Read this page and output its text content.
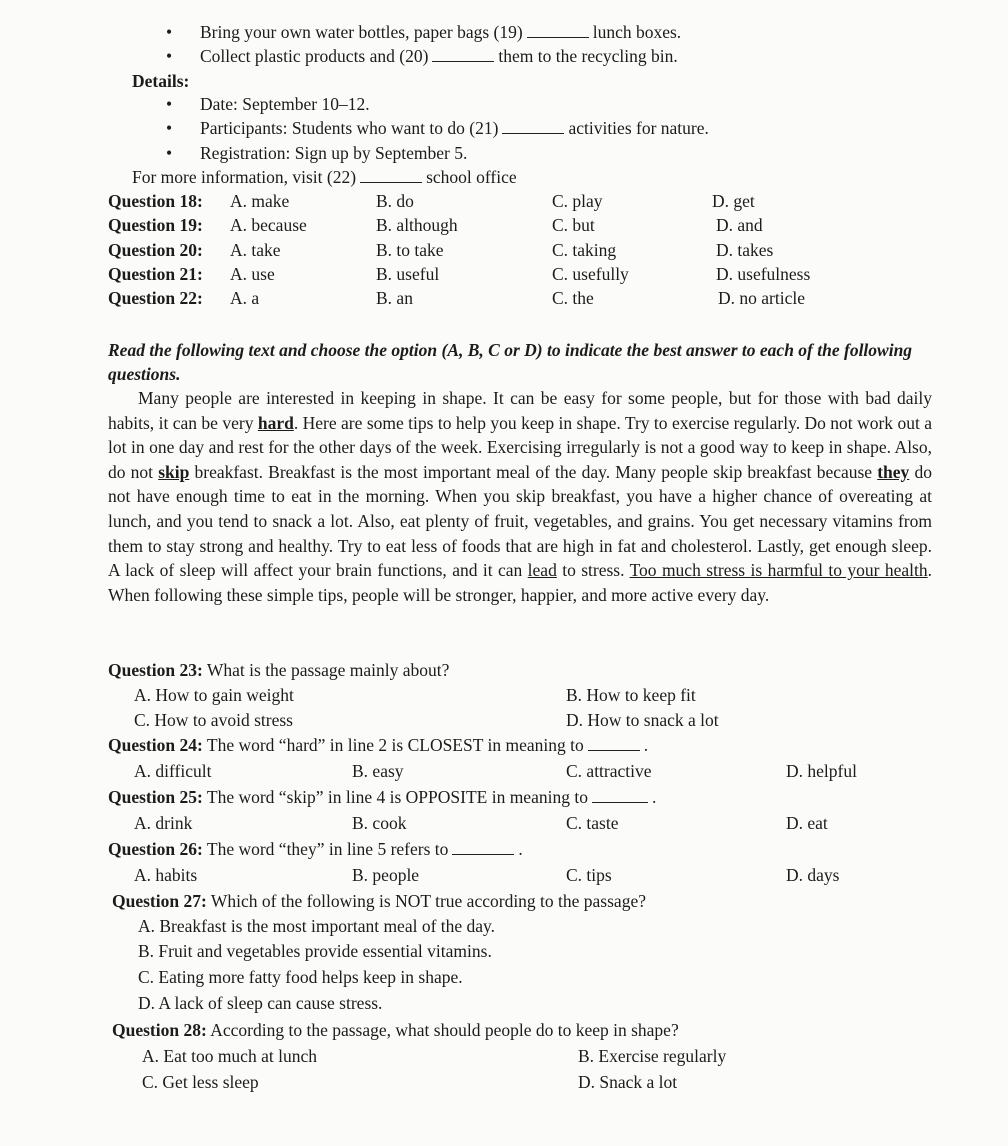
• Bring your own water bottles, paper bags (19)	lunch boxes.
• Collect plastic products and (20)	them to the recycling bin.
Details:
• Date: September 10–12.
• Participants: Students who want to do (21)	activities for nature.
• Registration: Sign up by September 5.
For more information, visit (22)	school office
Question 18: A. make	B. do	C. play	D. get
Question 19: A. because	B. although	C. but	D. and
Question 20: A. take	B. to take	C. taking	D. takes
Question 21: A. use	B. useful	C. usefully	D. usefulness
Question 22: A. a	B. an	C. the	D. no article
Read the following text and choose the option (A, B, C or D) to indicate the best answer to each of the following questions.

Many people are interested in keeping in shape. It can be easy for some people, but for those with bad daily habits, it can be very hard. Here are some tips to help you keep in shape. Try to exercise regularly. Do not work out a lot in one day and rest for the other days of the week. Exercising irregularly is not a good way to keep in shape. Also, do not skip breakfast. Breakfast is the most important meal of the day. Many people skip breakfast because they do not have enough time to eat in the morning. When you skip breakfast, you have a higher chance of overeating at lunch, and you tend to snack a lot. Also, eat plenty of fruit, vegetables, and grains. You get necessary vitamins from them to stay strong and healthy. Try to eat less of foods that are high in fat and cholesterol. Lastly, get enough sleep. A lack of sleep will affect your brain functions, and it can lead to stress. Too much stress is harmful to your health. When following these simple tips, people will be stronger, happier, and more active every day.

Question 23: What is the passage mainly about?
A. How to gain weight	B. How to keep fit
C. How to avoid stress	D. How to snack a lot
Question 24: The word “hard” in line 2 is CLOSEST in meaning to	.
A. difficult	B. easy	C. attractive	D. helpful
Question 25: The word “skip” in line 4 is OPPOSITE in meaning to	.
A. drink	B. cook	C. taste	D. eat
Question 26: The word “they” in line 5 refers to	.
A. habits	B. people	C. tips	D. days
Question 27: Which of the following is NOT true according to the passage?
A. Breakfast is the most important meal of the day.
B. Fruit and vegetables provide essential vitamins.
C. Eating more fatty food helps keep in shape.
D. A lack of sleep can cause stress.
Question 28: According to the passage, what should people do to keep in shape?
A. Eat too much at lunch	B. Exercise regularly
C. Get less sleep	D. Snack a lot
